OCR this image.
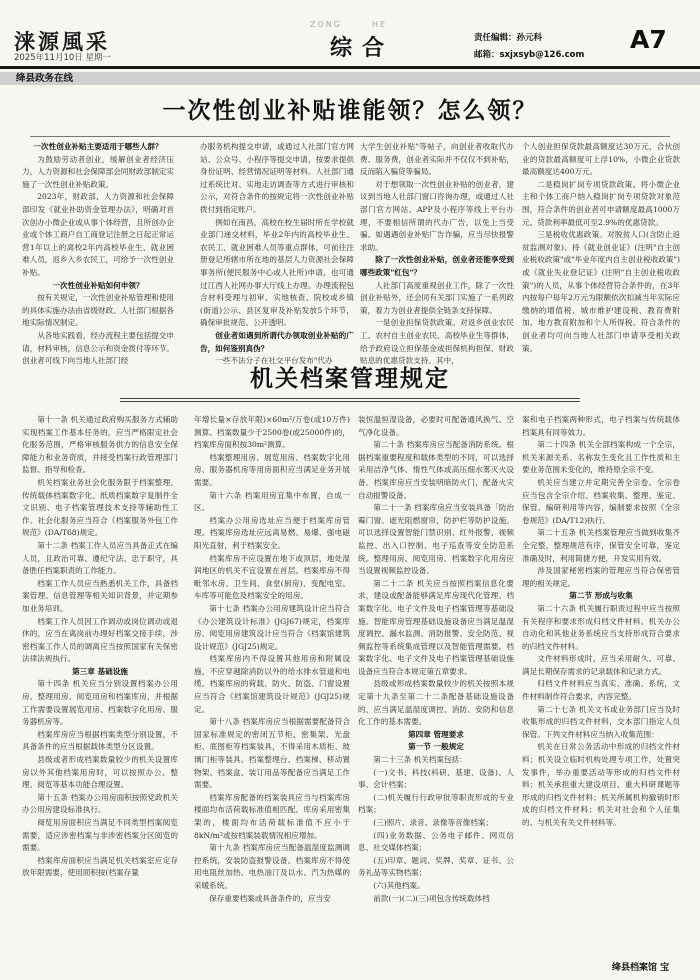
涞源風采
2025年11月10日 星期一
ZONG	HE
综合	责任编辑：孙元科
邮箱：sxjxsyb@126.com
A7
绛县政务在线
一次性创业补贴谁能领？怎么领？

一次性创业补贴主要适用于哪些人群？

为鼓励劳动者创业，缓解创业者经济压力，人力资源和社会保障部会同财政部制定实施了一次性创业补贴政策。

2023年，财政部、人力资源和社会保障部印发《就业补助资金管理办法》，明确对首次创办小微企业或从事个体经营，且所创办企业或个体工商户自工商登记注册之日起正常运营1年以上的离校2年内高校毕业生、就业困难人员，返乡入乡农民工，可给予一次性创业补贴。

一次性创业补贴如何申领？

按有关规定，一次性创业补贴管理和使用的具体实施办法由省级财政、人社部门根据各地实际情况制定。

从各地实践看，经办流程主要包括提交申请，材料审核，信息公示和资金拨付等环节。创业者可线下向当地人社部门经

办服务机构提交申请，或通过人社部门官方网站、公众号、小程序等提交申请，按要求提供身份证明、经营情况证明等材料。人社部门通过系统比对、实地走访调查等方式进行审核和公示，对符合条件的按规定将一次性创业补贴拨付到指定账户。

例如在南昌，高校在校生届时所在学校就业部门递交材料，毕业2年内的高校毕业生、农民工、就业困难人员等重点群体，可前往注册登记所辖市所在地的基层人力资源社会保障事务所(便民服务中心或人社所)申请，也可通过江西人社网办事大厅线上办理。办理流程包含材料受理与初审、实地核查、院校或乡镇(街道)公示、县区复审及补贴发放5个环节，确保审批规范、公开透明。

创业者如遇到所谓代办领取创业补贴的广告，如何鉴别真伪？

一些不法分子在社交平台发布"代办

大学生创业补贴"等帖子，向创业者收取代办费、服务费，创业者实际并不仅仅不到补贴，反而陷入骗贷等骗局。

对于想领取一次性创业补贴的创业者，建议到当地人社部门窗口咨询办理，或通过人社部门官方网站、APP及小程序等线上平台办理，不要相信所谓的代办广告，以免上当受骗。如遇遇创业补贴广告诈骗，应当尽快报警求助。

除了一次性创业补贴，创业者还能享受到哪些政策"红包"？

人社部门高度重视创业工作，除了一次性创业补贴外，还会同有关部门实施了一系列政策，着力为创业者提供全链条支持保障。

一是创业担保贷款政策。对返乡创业农民工、农村自主创业农民、高校毕业生等群体，给予政府设立担保基金或担保机构担保、财政贴息的优惠贷款支持。其中，

个人创业担保贷款最高额度达30万元，合伙创业的贷款最高额度可上浮10%，小微企业贷款最高额度达400万元。

二是稳岗扩岗专项贷款政策。将小微企业主和个体工商户纳入稳岗扩岗专项贷款对象范围，符合条件的创业者可申请额度最高1000万元、贷款利率最低可至2.9%的优惠贷款。

三是税收优惠政策。对脱贫人口(含防止返贫监测对象)、持《就业创业证》(注明"自主创业税收政策"或"毕业年度内自主创业税收政策")或《就业失业登记证》(注明"自主创业税收政策")的人员，从事个体经营符合条件的，在3年内按每户每年2万元为限额依次扣减当年实际应缴纳的增值税、城市维护建设税、教育费附加、地方教育附加和个人所得税。符合条件的创业者均可向当地人社部门申请享受相关政策。

机关档案管理规定

第十一条 机关通过政府购买服务方式辅助实现档案工作基本任务的，应当严格限定社会化服务范围，严格审核服务供方的信息安全保障能力和业务资质，并接受档案行政管理部门监督、指导和检查。

机关档案业务社会化服务限于档案整理、传统载体档案数字化、纸质档案数字复制件全文识别、电子档案管理技术支持等辅助性工作。社会化服务应当符合《档案服务外包工作规范》(DA/T68)规定。

第十二条 档案工作人员应当具备正式在编人员，且政治可靠、遵纪守法、忠于职守，具备胜任档案职责的工作能力。

档案工作人员应当熟悉机关工作，具备档案管理、信息管理等相关知识背景，并定期参加业务培训。

档案工作人员因工作调动或岗位调动或退休的，应当在离岗前办理好档案交接手续，涉密档案工作人员的调离应当按照国家有关保密法律法规执行。

第三章 基础设施

第十四条 机关应当分别设置档案办公用房、整理用房、阅览用房和档案库房，并根据工作需要设置展览用房、档案数字化用房、服务器机房等。

档案库房应当根据档案类型分别设置，不具备条件的应当根据载体类型分区设置。

县级或者形成档案数量较少的机关设置库房以外其他档案用房时，可以按照办公、整理、阅览等基本功能合理设置。

第十五条 档案办公用房面积按照党政机关办公用房建设标准执行。

阅览用房面积应当满足不同类型档案阅览需要，适应涉密档案与非涉密档案分区阅览的需要。

档案库房面积应当满足机关档案室应定存放年限需要，使用面积按(档案存量

年增长量×存放年限)×60m²/万卷(或10万件)测算。档案数量少于2500卷(或25000件)的，档案库房面积按30m²测算。

档案整理用房、展览用房、档案数字化用房、服务器机房等用房面积应当满足业务开展需要。

第十六条 档案用房宜集中布置，自成一区。

档案办公用房选址应当便于档案库房管理。档案库房选址应远离易燃、易爆、强电磁阳光直射，利于档案安全。

档案库房不应设置在地下或顶层，地处湿润地区的机关不宜设置在首层。档案库房不得毗邻水房、卫生间、食堂(厨房)、变配电室、车库等可能危及档案安全的用房。

第十七条 档案办公用房建筑设计应当符合《办公建筑设计标准》(JGJ67)规定，档案库房、阅览用房建筑设计应当符合《档案馆建筑设计规范》(JGJ25)规定。

档案库房内不得设置其他用房和附属设施，不应穿越除消防以外的给水排水管道和电缆。档案库房的荷载、防火、防盗、门窗设置应当符合《档案馆建筑设计规范》(JGJ25)规定。

第十八条 档案库房应当根据需要配备符合国家标准规定的密闭五节柜、密集架、光盘柜、底图柜等档案装具，不得采用木质柜、玻璃门柜等装具。档案整理台、档案梯、移动置物架、档案盒、装订用品等配备应当满足工作需要。

档案库房配备的档案装具应当与档案库房楼面均布活荷载标准值相匹配。库房采用密集架的，楼面均布活荷载标准值不应小于8kN/m²或按档案装载情况相应增加。

第十九条 档案库房应当配备温湿度监测调控系统，安装防盗报警设备。档案库房不得使用电阻丝加热、电热油汀及以水、汽为热媒的采暖系统。

保存重要档案或具备条件的，应当安

装恒温恒湿设备，必要时可配备通风换气、空气净化设备。

第二十条 档案库房应当配备消防系统。根据档案重要程度和载体类型的不同，可以选择采用洁净气体、惰性气体或高压细水雾灭火设备。档案库房应当安装明暗防火门，配备火灾自动报警设备。

第二十一条 档案库房应当安装具备「防治霉门窗、遮光阻燃窗帘，防护栏等防护设施。可以选择设置智能门禁识别、红外报警、视频监控、出入口控制、电子巡查等安全防范系统。整理用房、阅览用房、档案数字化用房应当设置视频监控设备。

第二十二条 机关应当按照档案信息化要求，建设或配备能够满足库房现代化管理、档案数字化、电子文件及电子档案管理等基础设施。智能库房管理基础设施设备应当满足温湿度调控、漏水监测、消防报警、安全防范、视频监控等系统集成管理以及智能管理需要。档案数字化、电子文件及电子档案管理基础设施设备应当符合本规定第五章要求。

县级或形成档案数量较少的机关按照本规定第十九条至第二十二条配备基础设施设备的，应当满足温湿度调控、消防、安防和信息化工作的基本需要。

第四章 管理要求

第一节 一般规定

第二十三条 机关档案包括：

(一)文书、科技(科研、基建、设备)、人事、会计档案；

(二)机关履行行政审批等职责形成的专业档案；

(三)照片、录音、录像等音像档案；

(四)业务数据、公务电子邮件、网页信息、社交媒体档案；

(五)印章、题词、奖牌、奖章、证书、公务礼品等实物档案；

(六)其他档案。

前款(一)(二)(三)项包含传统载体档

案和电子档案两种形式，电子档案与传统载体档案具有同等效力。

第二十四条 机关全部档案构成一个全宗，机关来源关系、名称发生变化且工作性质和主要业务范围未变化的，维持原全宗不变。

机关应当建立并定期完善全宗卷。全宗卷应当包含全宗介绍、档案收集、整理、鉴定、保管、编研利用等内容，编制要求按照《全宗卷规范》(DA/T12)执行。

第二十五条 机关档案管理应当做到收集齐全完整，整理规范有序，保管安全可靠，鉴定准确及时，利用简捷方便，开发实用有效。

涉及国家秘密档案的管理应当符合保密管理的相关规定。

第二节 形成与收集

第二十六条 机关履行职责过程中应当按照有关程序和要求形成归档文件材料。机关办公自动化和其他业务系统应当支持形成符合要求的归档文件材料。

文件材料形成时，应当采用耐久、可靠、满足长期保存需求的记录载体和记录方式。

归档文件材料应当真实、准确、系统，文件材料制作符合要求，内容完整。

第二十七条 机关文书或业务部门应当及时收集形成的归档文件材料，交本部门指定人员保管。下列文件材料应当纳入收集范围：

机关在日常公务活动中形成的归档文件材料；机关设立临时机构处理专项工作，处置突发事件，举办重要活动等形成的归档文件材料；机关承担重大建设项目、重大科研课题等形成的归档文件材料；机关所属机构撤销时形成的归档文件材料；机关对社会和个人征集的、与机关有关文件材料等。

绛县档案馆 宝
